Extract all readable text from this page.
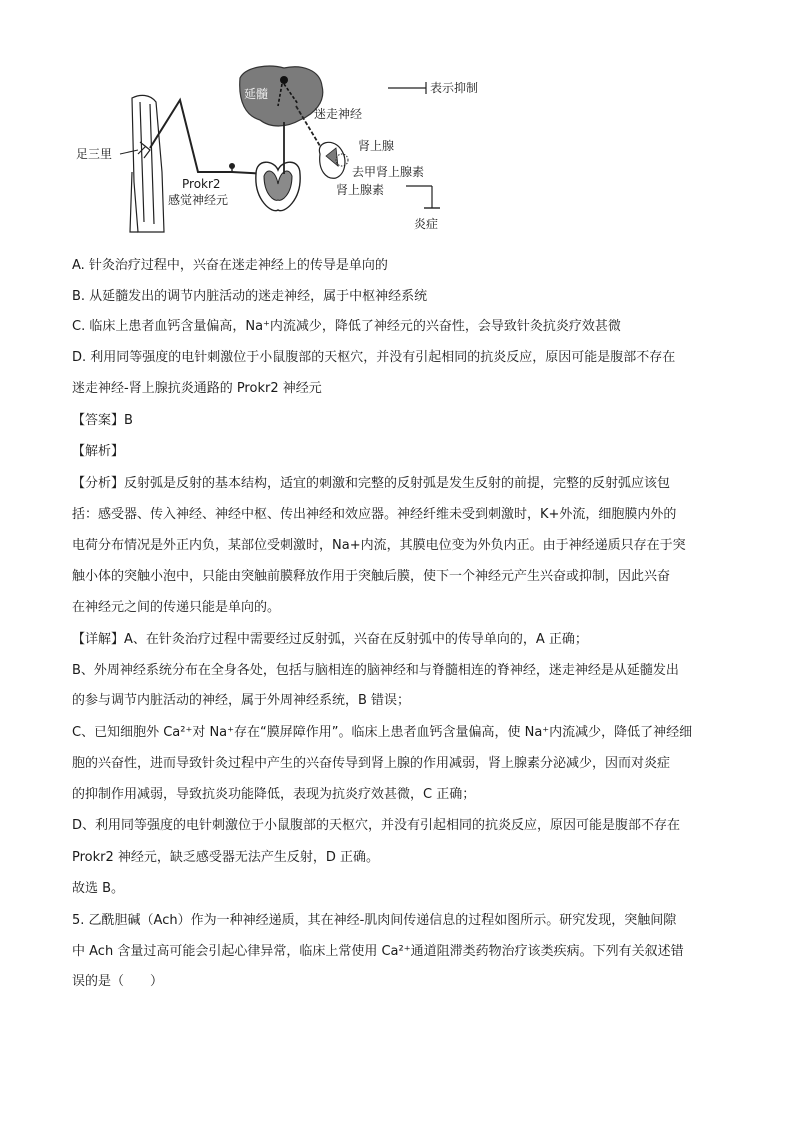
足三里
Prokr2
感觉神经元
延髓
迷走神经
表示抑制
肾上腺
去甲肾上腺素
肾上腺素
炎症
A. 针灸治疗过程中，兴奋在迷走神经上的传导是单向的
B. 从延髓发出的调节内脏活动的迷走神经，属于中枢神经系统
C. 临床上患者血钙含量偏高，Na⁺内流减少，降低了神经元的兴奋性，会导致针灸抗炎疗效甚微
D. 利用同等强度的电针刺激位于小鼠腹部的天枢穴，并没有引起相同的抗炎反应，原因可能是腹部不存在
迷走神经-肾上腺抗炎通路的 Prokr2 神经元
【答案】B
【解析】
【分析】反射弧是反射的基本结构，适宜的刺激和完整的反射弧是发生反射的前提，完整的反射弧应该包
括：感受器、传入神经、神经中枢、传出神经和效应器。神经纤维未受到刺激时，K+外流，细胞膜内外的
电荷分布情况是外正内负，某部位受刺激时，Na+内流，其膜电位变为外负内正。由于神经递质只存在于突
触小体的突触小泡中，只能由突触前膜释放作用于突触后膜，使下一个神经元产生兴奋或抑制，因此兴奋
在神经元之间的传递只能是单向的。
【详解】A、在针灸治疗过程中需要经过反射弧，兴奋在反射弧中的传导单向的，A 正确；
B、外周神经系统分布在全身各处，包括与脑相连的脑神经和与脊髓相连的脊神经，迷走神经是从延髓发出
的参与调节内脏活动的神经，属于外周神经系统，B 错误；
C、已知细胞外 Ca²⁺对 Na⁺存在“膜屏障作用”。临床上患者血钙含量偏高，使 Na⁺内流减少，降低了神经细
胞的兴奋性，进而导致针灸过程中产生的兴奋传导到肾上腺的作用减弱，肾上腺素分泌减少，因而对炎症
的抑制作用减弱，导致抗炎功能降低，表现为抗炎疗效甚微，C 正确；
D、利用同等强度的电针刺激位于小鼠腹部的天枢穴，并没有引起相同的抗炎反应，原因可能是腹部不存在
Prokr2 神经元，缺乏感受器无法产生反射，D 正确。
故选 B。
5. 乙酰胆碱（Ach）作为一种神经递质，其在神经-肌肉间传递信息的过程如图所示。研究发现，突触间隙
中 Ach 含量过高可能会引起心律异常，临床上常使用 Ca²⁺通道阻滞类药物治疗该类疾病。下列有关叙述错
误的是（　　）
